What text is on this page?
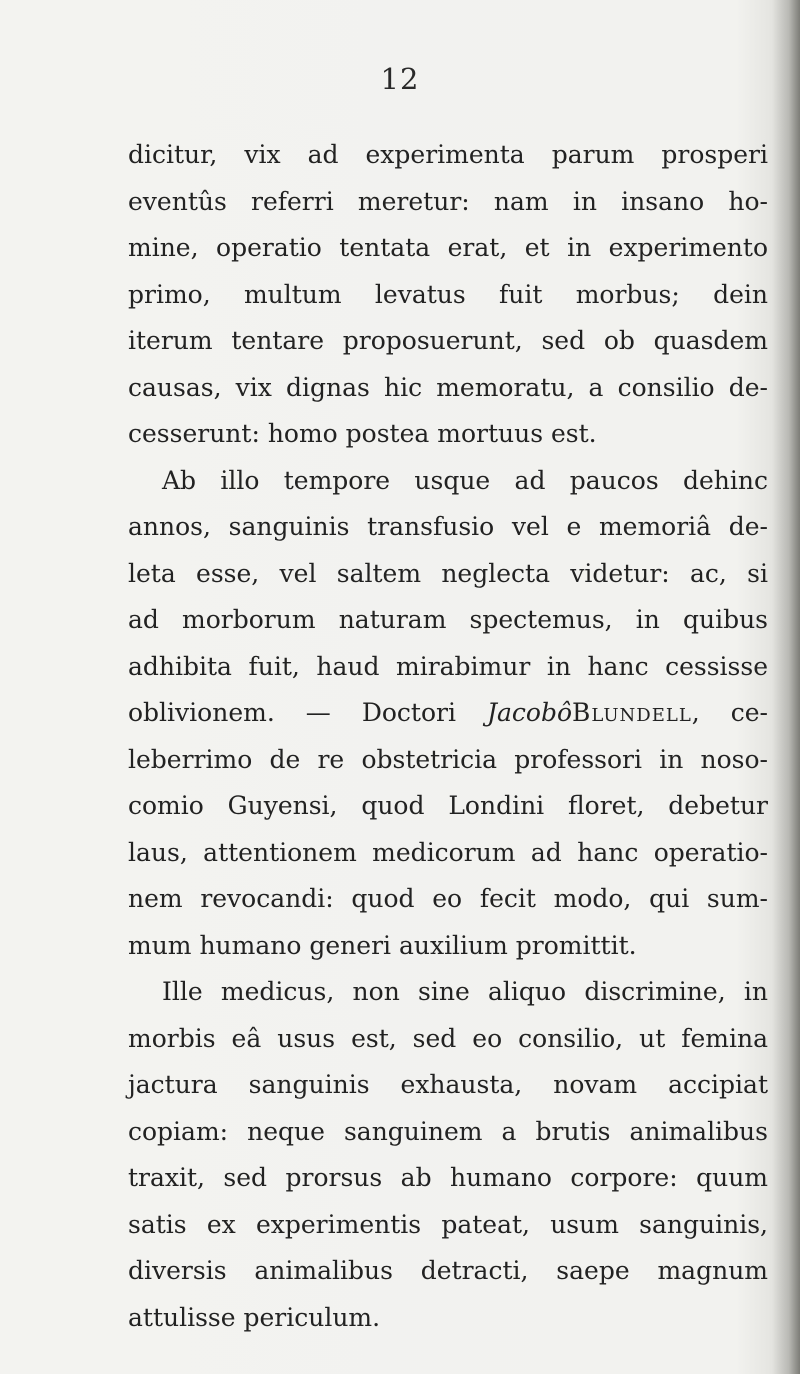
12
dicitur, vix ad experimenta parum prosperi
eventûs referri meretur: nam in insano ho-
mine, operatio tentata erat, et in experimento
primo, multum levatus fuit morbus; dein
iterum tentare proposuerunt, sed ob quasdem
causas, vix dignas hic memoratu, a consilio de-
cesserunt: homo postea mortuus est.
Ab illo tempore usque ad paucos dehinc
annos, sanguinis transfusio vel e memoriâ de-
leta esse, vel saltem neglecta videtur: ac, si
ad morborum naturam spectemus, in quibus
adhibita fuit, haud mirabimur in hanc cessisse
oblivionem. — Doctori JacobôBlundell, ce-
leberrimo de re obstetricia professori in noso-
comio Guyensi, quod Londini floret, debetur
laus, attentionem medicorum ad hanc operatio-
nem revocandi: quod eo fecit modo, qui sum-
mum humano generi auxilium promittit.
Ille medicus, non sine aliquo discrimine, in
morbis eâ usus est, sed eo consilio, ut femina
jactura sanguinis exhausta, novam accipiat
copiam: neque sanguinem a brutis animalibus
traxit, sed prorsus ab humano corpore: quum
satis ex experimentis pateat, usum sanguinis,
diversis animalibus detracti, saepe magnum
attulisse periculum.
